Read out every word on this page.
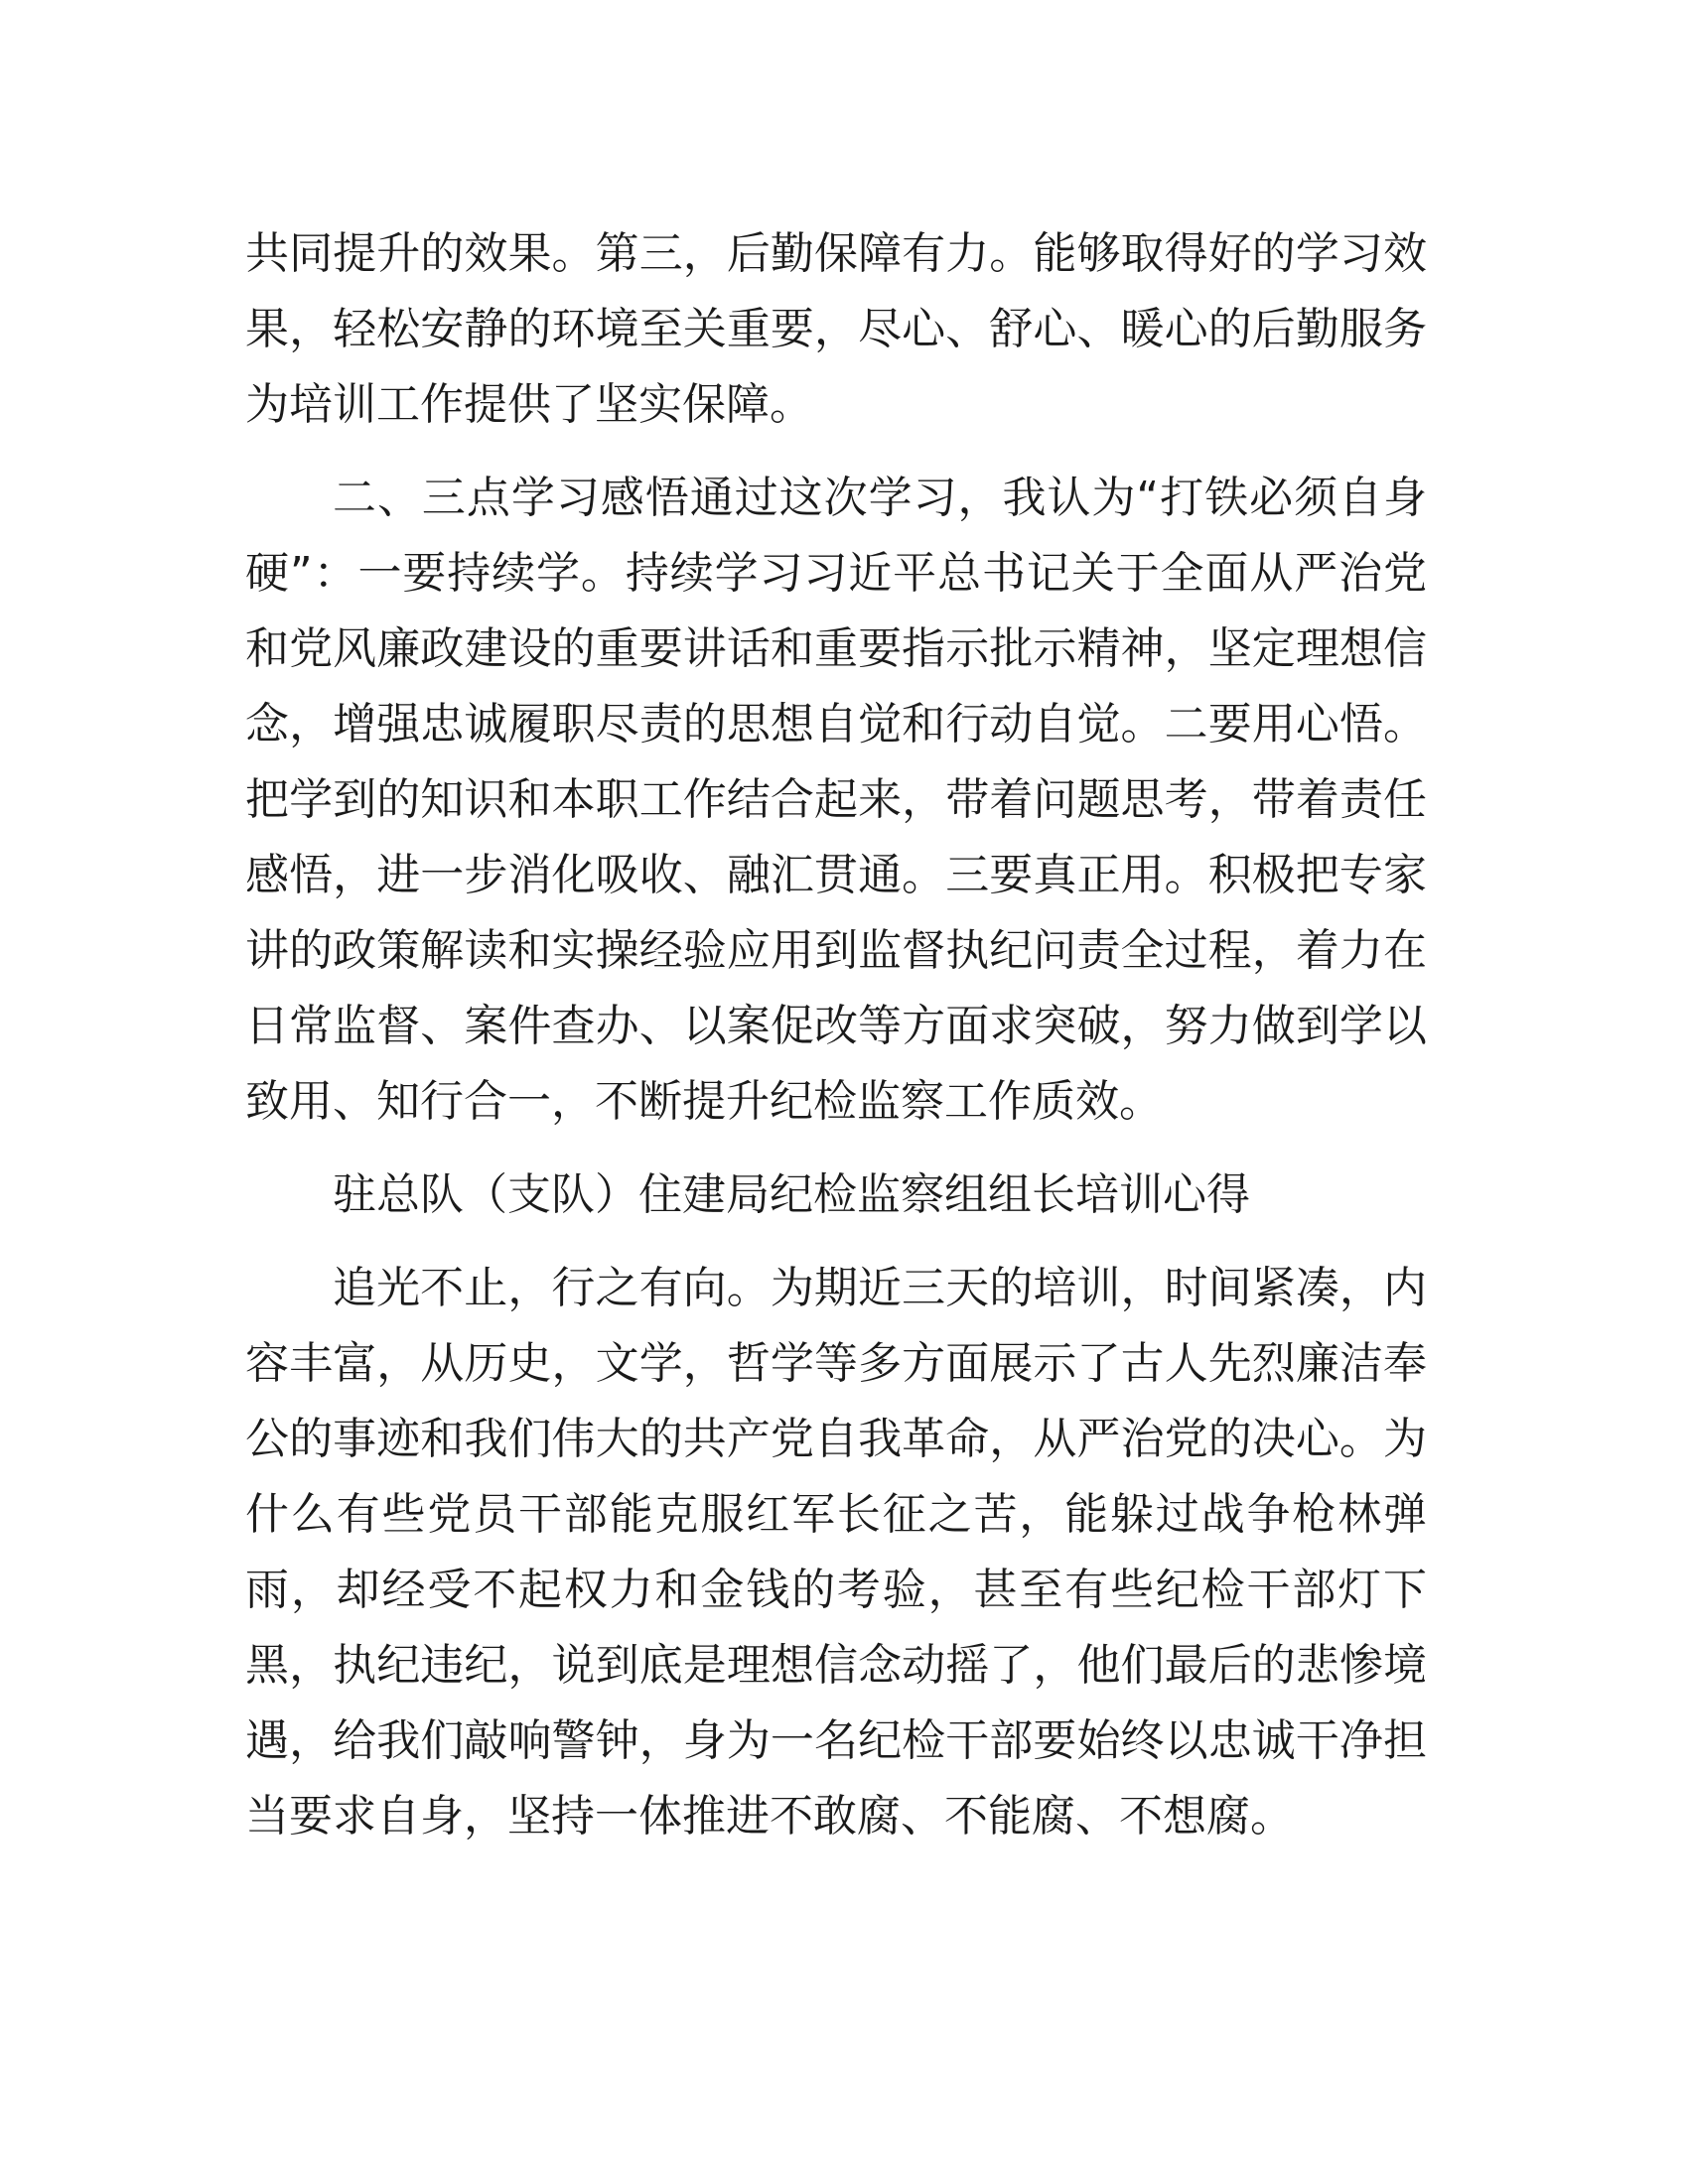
共同提升的效果。第三，后勤保障有力。能够取得好的学习效
果，轻松安静的环境至关重要，尽心、舒心、暖心的后勤服务
为培训工作提供了坚实保障。
二、三点学习感悟通过这次学习，我认为“打铁必须自身
硬”：一要持续学。持续学习习近平总书记关于全面从严治党
和党风廉政建设的重要讲话和重要指示批示精神，坚定理想信
念，增强忠诚履职尽责的思想自觉和行动自觉。二要用心悟。
把学到的知识和本职工作结合起来，带着问题思考，带着责任
感悟，进一步消化吸收、融汇贯通。三要真正用。积极把专家
讲的政策解读和实操经验应用到监督执纪问责全过程，着力在
日常监督、案件查办、以案促改等方面求突破，努力做到学以
致用、知行合一，不断提升纪检监察工作质效。
驻总队（支队）住建局纪检监察组组长培训心得
追光不止，行之有向。为期近三天的培训，时间紧凑，内
容丰富，从历史，文学，哲学等多方面展示了古人先烈廉洁奉
公的事迹和我们伟大的共产党自我革命，从严治党的决心。为
什么有些党员干部能克服红军长征之苦，能躲过战争枪林弹
雨，却经受不起权力和金钱的考验，甚至有些纪检干部灯下
黑，执纪违纪，说到底是理想信念动摇了，他们最后的悲惨境
遇，给我们敲响警钟，身为一名纪检干部要始终以忠诚干净担
当要求自身，坚持一体推进不敢腐、不能腐、不想腐。
